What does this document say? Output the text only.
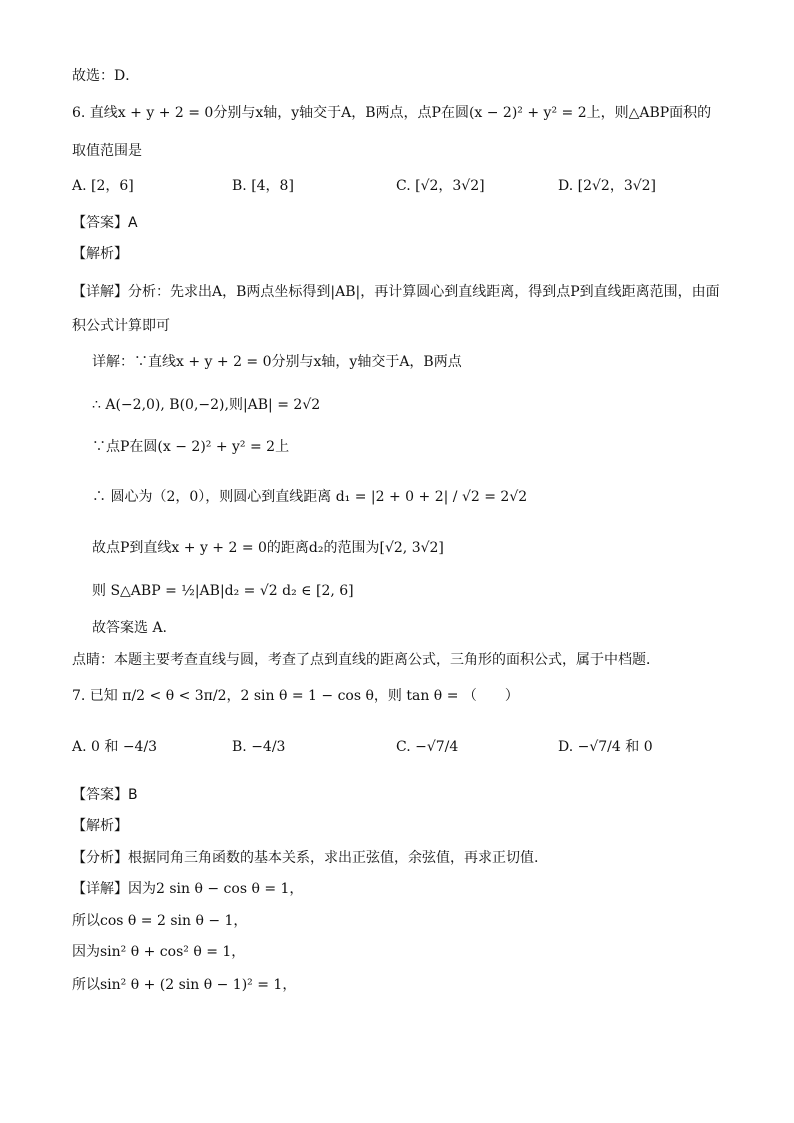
故选：D．
6. 直线x + y + 2 = 0分别与x轴，y轴交于A，B两点，点P在圆(x − 2)² + y² = 2上，则△ABP面积的
取值范围是
A. [2，6]	B. [4，8]	C. [√2，3√2]	D. [2√2，3√2]
【答案】A
【解析】
【详解】分析：先求出A，B两点坐标得到|AB|，再计算圆心到直线距离，得到点P到直线距离范围，由面
积公式计算即可
详解：∵直线x + y + 2 = 0分别与x轴，y轴交于A，B两点
∴ A(−2,0), B(0,−2),则|AB| = 2√2
∵点P在圆(x − 2)² + y² = 2上
∴ 圆心为（2，0），则圆心到直线距离 d₁ = |2 + 0 + 2| / √2 = 2√2
故点P到直线x + y + 2 = 0的距离d₂的范围为[√2, 3√2]
则 S△ABP = ½|AB|d₂ = √2 d₂ ∈ [2, 6]
故答案选 A.
点睛：本题主要考查直线与圆，考查了点到直线的距离公式，三角形的面积公式，属于中档题．
7. 已知 π/2 < θ < 3π/2，2 sin θ = 1 − cos θ，则 tan θ = （　　）
A. 0 和 −4/3	B. −4/3	C. −√7/4	D. −√7/4 和 0
【答案】B
【解析】
【分析】根据同角三角函数的基本关系，求出正弦值，余弦值，再求正切值.
【详解】因为2 sin θ − cos θ = 1，
所以cos θ = 2 sin θ − 1，
因为sin² θ + cos² θ = 1，
所以sin² θ + (2 sin θ − 1)² = 1，
